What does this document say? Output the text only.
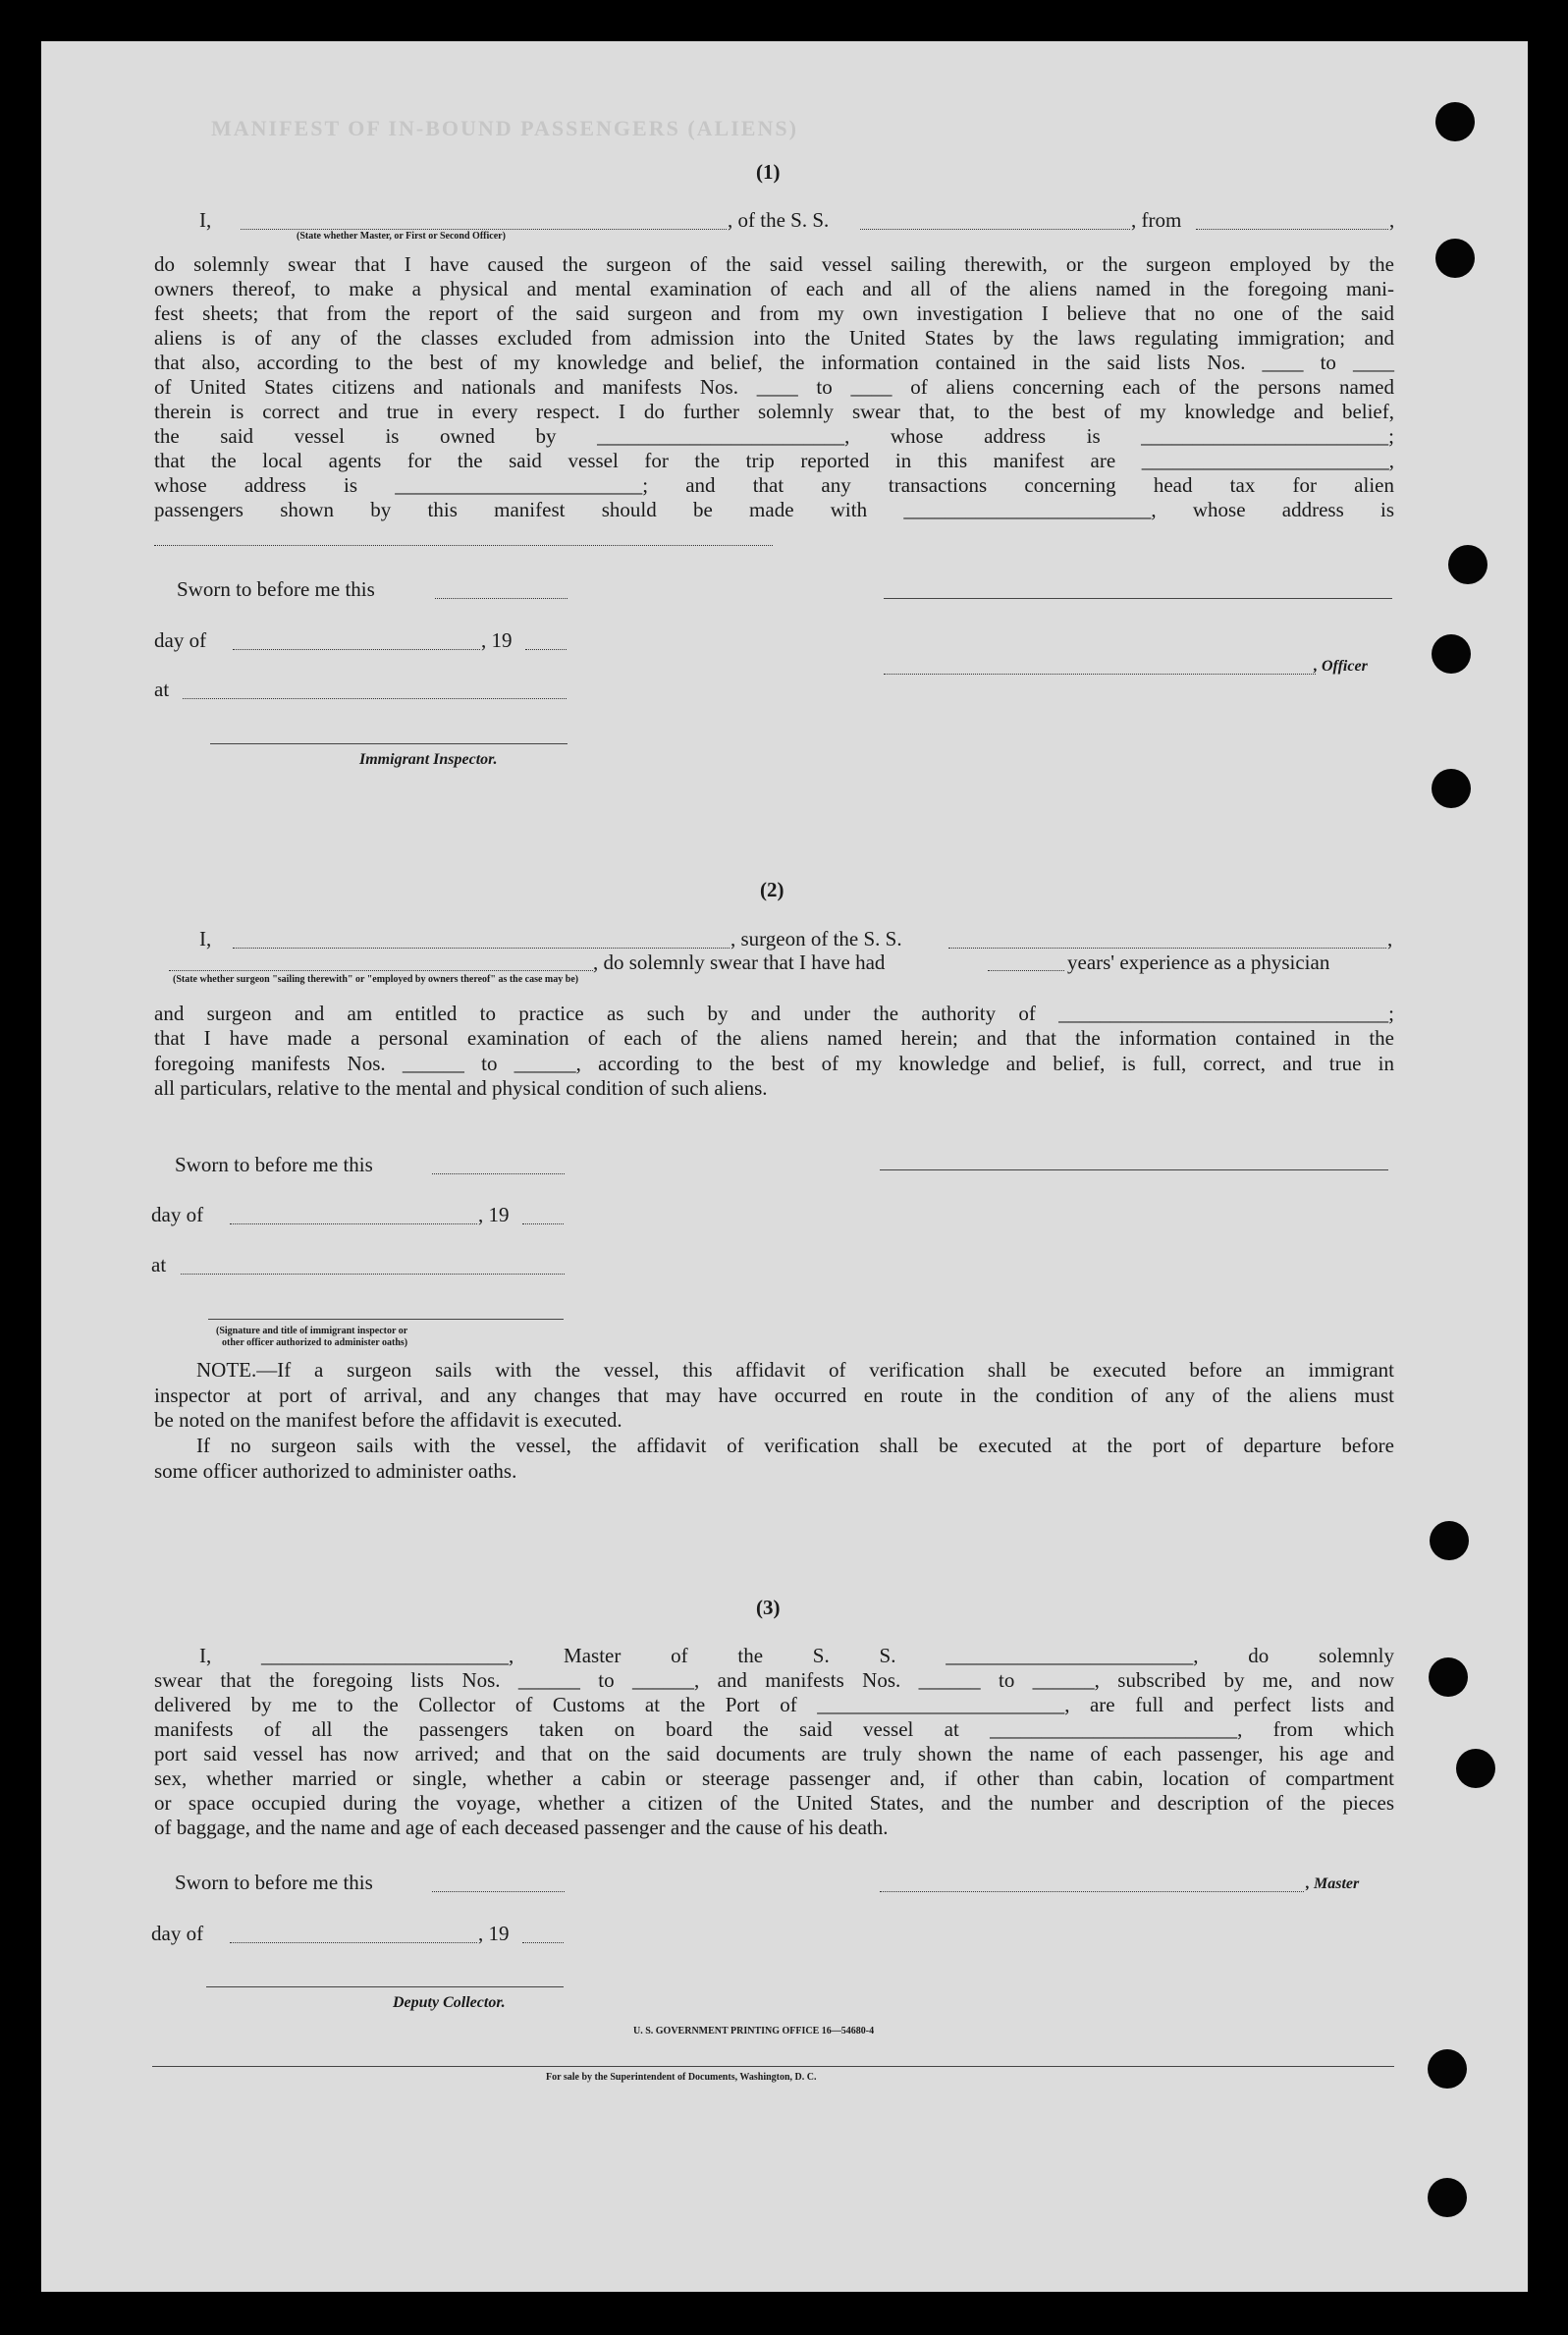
MANIFEST OF IN-BOUND PASSENGERS (ALIENS)
(1)
I,	, of the S. S.	, from	,
(State whether Master, or First or Second Officer)
do solemnly swear that I have caused the surgeon of the said vessel sailing therewith, or the surgeon employed by the
owners thereof, to make a physical and mental examination of each and all of the aliens named in the foregoing mani-
fest sheets; that from the report of the said surgeon and from my own investigation I believe that no one of the said
aliens is of any of the classes excluded from admission into the United States by the laws regulating immigration; and
that also, according to the best of my knowledge and belief, the information contained in the said lists Nos. ____ to ____
of United States citizens and nationals and manifests Nos. ____ to ____ of aliens concerning each of the persons named
therein is correct and true in every respect. I do further solemnly swear that, to the best of my knowledge and belief,
the said vessel is owned by ________________________, whose address is ________________________;
that the local agents for the said vessel for the trip reported in this manifest are ________________________,
whose address is ________________________; and that any transactions concerning head tax for alien
passengers shown by this manifest should be made with ________________________, whose address is
Sworn to before me this
day of	, 19
, Officer
at
Immigrant Inspector.
(2)
I,	, surgeon of the S. S.	,
, do solemnly swear that I have had	years' experience as a physician
(State whether surgeon "sailing therewith" or "employed by owners thereof" as the case may be)
and surgeon and am entitled to practice as such by and under the authority of ________________________________;
that I have made a personal examination of each of the aliens named herein; and that the information contained in the
foregoing manifests Nos. ______ to ______, according to the best of my knowledge and belief, is full, correct, and true in
all particulars, relative to the mental and physical condition of such aliens.
Sworn to before me this
day of	, 19
at
(Signature and title of immigrant inspector or
other officer authorized to administer oaths)
NOTE.—If a surgeon sails with the vessel, this affidavit of verification shall be executed before an immigrant
inspector at port of arrival, and any changes that may have occurred en route in the condition of any of the aliens must
be noted on the manifest before the affidavit is executed.
If no surgeon sails with the vessel, the affidavit of verification shall be executed at the port of departure before
some officer authorized to administer oaths.
(3)
I, ________________________, Master of the S. S. ________________________, do solemnly
swear that the foregoing lists Nos. ______ to ______, and manifests Nos. ______ to ______, subscribed by me, and now
delivered by me to the Collector of Customs at the Port of ________________________, are full and perfect lists and
manifests of all the passengers taken on board the said vessel at ________________________, from which
port said vessel has now arrived; and that on the said documents are truly shown the name of each passenger, his age and
sex, whether married or single, whether a cabin or steerage passenger and, if other than cabin, location of compartment
or space occupied during the voyage, whether a citizen of the United States, and the number and description of the pieces
of baggage, and the name and age of each deceased passenger and the cause of his death.
Sworn to before me this	, Master
day of	, 19
Deputy Collector.
U. S. GOVERNMENT PRINTING OFFICE 16—54680-4
For sale by the Superintendent of Documents, Washington, D. C.
